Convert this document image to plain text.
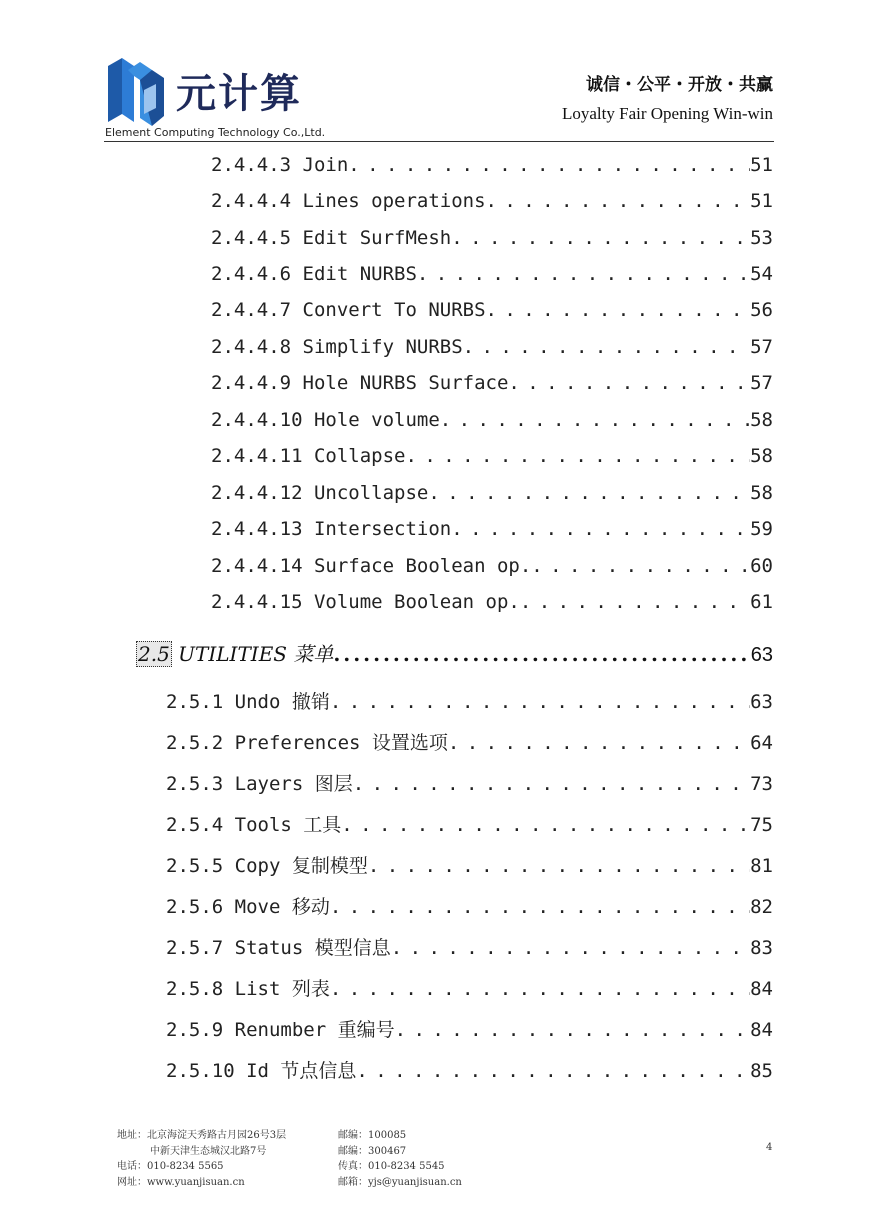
元计算
Element Computing Technology Co.,Ltd.
诚信・公平・开放・共赢
Loyalty Fair Opening Win-win
2.4.4.3 Join . . .	51
2.4.4.4 Lines operations . . .	51
2.4.4.5 Edit SurfMesh . . .	53
2.4.4.6 Edit NURBS . . .	54
2.4.4.7 Convert To NURBS . . .	56
2.4.4.8 Simplify NURBS . . .	57
2.4.4.9 Hole NURBS Surface . . .	57
2.4.4.10 Hole volume . . .	58
2.4.4.11 Collapse . . .	58
2.4.4.12 Uncollapse . . .	58
2.4.4.13 Intersection . . .	59
2.4.4.14 Surface Boolean op. . . .	60
2.4.4.15 Volume Boolean op. . . .	61
2.5 UTILITIES 菜单 . . .	63
2.5.1 Undo 撤销 . . .	63
2.5.2 Preferences 设置选项 . . .	64
2.5.3 Layers 图层 . . .	73
2.5.4 Tools 工具 . . .	75
2.5.5 Copy 复制模型 . . .	81
2.5.6 Move 移动 . . .	82
2.5.7 Status 模型信息 . . .	83
2.5.8 List 列表 . . .	84
2.5.9 Renumber 重编号 . . .	84
2.5.10 Id 节点信息 . . .	85
地址：北京海淀天秀路古月园26号3层
中新天津生态城汉北路7号
电话：010-8234 5565
网址：www.yuanjisuan.cn
邮编：100085
邮编：300467
传真：010-8234 5545
邮箱：yjs@yuanjisuan.cn
4
